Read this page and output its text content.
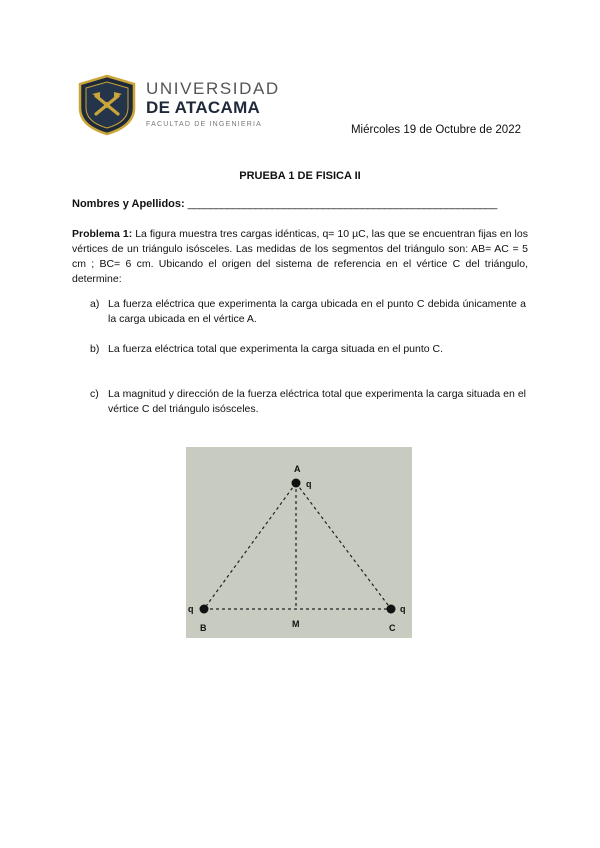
UNIVERSIDAD
DE ATACAMA
FACULTAD DE INGENIERIA	Miércoles 19 de Octubre de 2022
PRUEBA 1 DE FISICA II
Nombres y Apellidos: _______________________________________________________
Problema 1: La figura muestra tres cargas idénticas, q= 10 µC, las que se encuentran fijas en los vértices de un triángulo isósceles. Las medidas de los segmentos del triángulo son: AB= AC = 5 cm ; BC= 6 cm. Ubicando el origen del sistema de referencia en el vértice C del triángulo, determine:
a) La fuerza eléctrica que experimenta la carga ubicada en el punto C debida únicamente a la carga ubicada en el vértice A.
b) La fuerza eléctrica total que experimenta la carga situada en el punto C.
c) La magnitud y dirección de la fuerza eléctrica total que experimenta la carga situada en el vértice C del triángulo isósceles.
A
q
q
B	M
q
C
